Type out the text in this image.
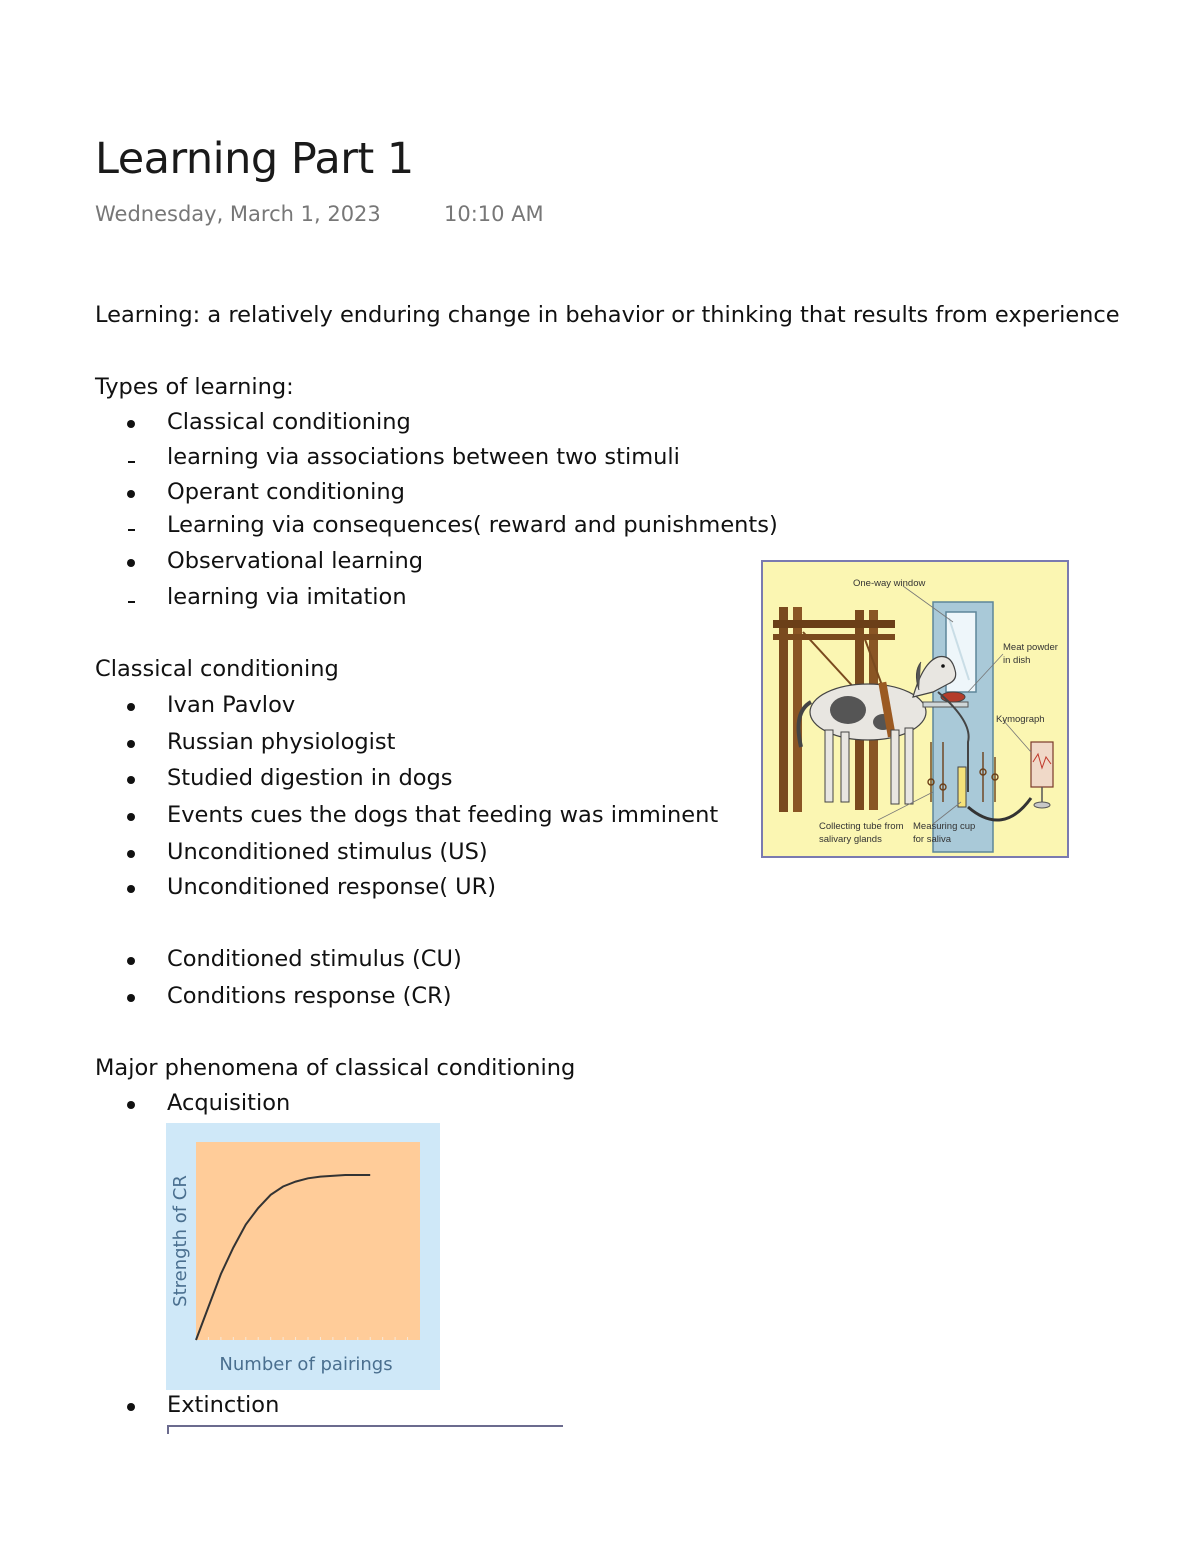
Learning Part 1
Wednesday, March 1, 2023	10:10 AM
Learning: a relatively enduring change in behavior or thinking that results from experience
Types of learning:
Classical conditioning
learning via associations between two stimuli
Operant conditioning
Learning via consequences( reward and punishments)
Observational learning
learning via imitation
Classical conditioning
Ivan Pavlov
Russian physiologist
Studied digestion in dogs
Events cues the dogs that feeding was imminent
Unconditioned stimulus (US)
Unconditioned response( UR)
Conditioned stimulus (CU)
Conditions response (CR)
One-way window
Meat powder
in dish
Kymograph
Collecting tube from
salivary glands
Measuring cup
for saliva
Major phenomena of classical conditioning
Acquisition
Strength of CR
Number of pairings
Extinction
